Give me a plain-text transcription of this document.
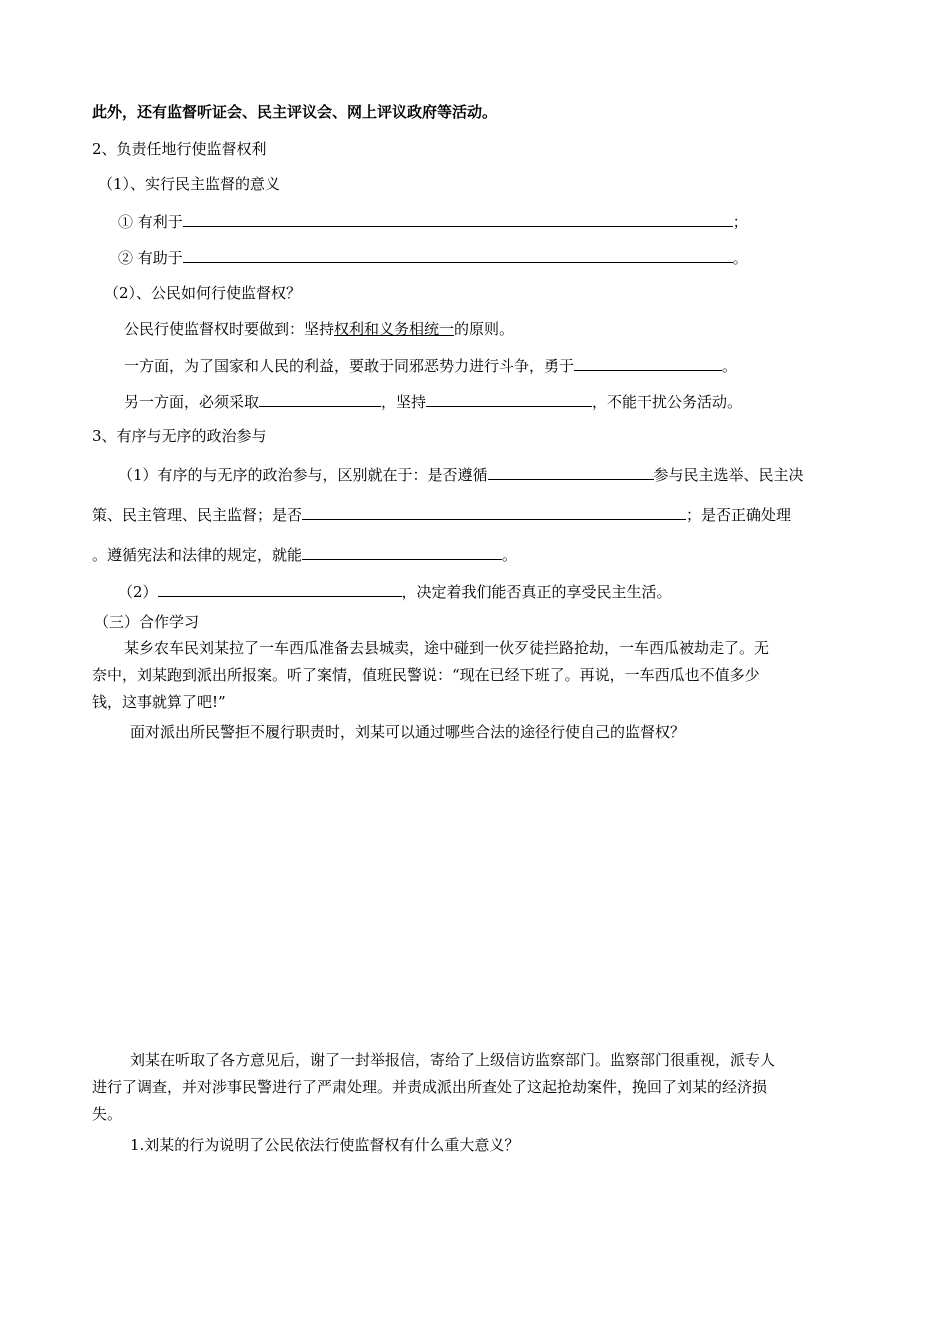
此外，还有监督听证会、民主评议会、网上评议政府等活动。
2、负责任地行使监督权利
（1）、实行民主监督的意义
① 有利于	；
② 有助于	。
（2）、公民如何行使监督权？
公民行使监督权时要做到：坚持权利和义务相统一的原则。
一方面，为了国家和人民的利益，要敢于同邪恶势力进行斗争，勇于	。
另一方面，必须采取	，坚持	，不能干扰公务活动。
3、有序与无序的政治参与
（1）有序的与无序的政治参与，区别就在于：是否遵循	参与民主选举、民主决
策、民主管理、民主监督；是否	；是否正确处理
。遵循宪法和法律的规定，就能	。
（2）	，决定着我们能否真正的享受民主生活。
（三）合作学习
某乡农车民刘某拉了一车西瓜准备去县城卖，途中碰到一伙歹徒拦路抢劫，一车西瓜被劫走了。无
奈中，刘某跑到派出所报案。听了案情，值班民警说：“现在已经下班了。再说，一车西瓜也不值多少
钱，这事就算了吧!”
面对派出所民警拒不履行职责时，刘某可以通过哪些合法的途径行使自己的监督权？
刘某在听取了各方意见后，谢了一封举报信，寄给了上级信访监察部门。监察部门很重视，派专人
进行了调查，并对涉事民警进行了严肃处理。并责成派出所查处了这起抢劫案件，挽回了刘某的经济损
失。
1.刘某的行为说明了公民依法行使监督权有什么重大意义？
